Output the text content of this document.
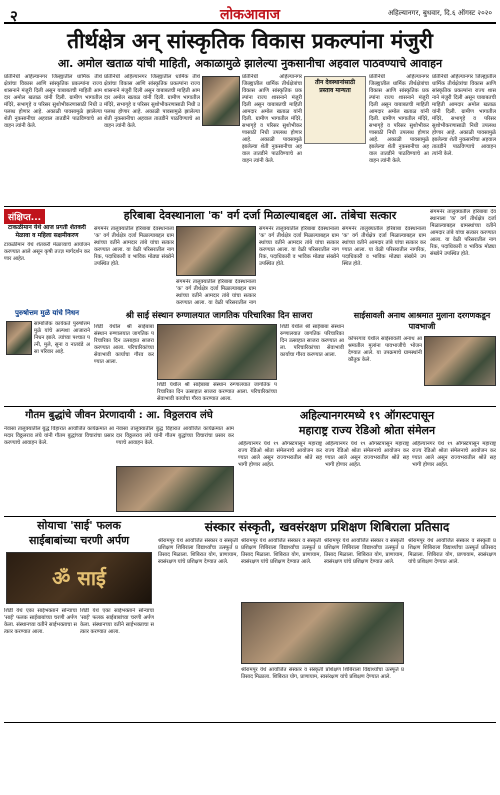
२	लोकआवाज	अहिल्यानगर, बुधवार, दि.६ ऑगस्ट २०२०
तीर्थक्षेत्र अन् सांस्कृतिक विकास प्रकल्पांना मंजुरी
आ. अमोल खताळ यांची माहिती, अकाळामुळे झालेल्या नुकसानीचा अहवाल पाठवण्याचे आवाहन
प्रतिनिधी अहिल्यानगर जिल्ह्यातील धार्मिक तीर्थक्षेत्रांचा विकास आणि सांस्कृतिक प्रकल्पांना राज्य शासनाने मंजुरी दिली असून याबाबतची माहिती आमदार अमोल खताळ यांनी दिली. ग्रामीण भागातील मंदिरे, सभागृहे व परिसर सुशोभीकरणासाठी निधी उपलब्ध होणार आहे. अकाळी पावसामुळे झालेल्या शेती नुकसानीचा अहवाल तातडीने पाठविण्याचे आवाहन त्यांनी केले.
प्रतिनिधी अहिल्यानगर जिल्ह्यातील धार्मिक तीर्थक्षेत्रांचा विकास आणि सांस्कृतिक प्रकल्पांना राज्य शासनाने मंजुरी दिली असून याबाबतची माहिती आमदार अमोल खताळ यांनी दिली. ग्रामीण भागातील मंदिरे, सभागृहे व परिसर सुशोभीकरणासाठी निधी उपलब्ध होणार आहे. अकाळी पावसामुळे झालेल्या शेती नुकसानीचा अहवाल तातडीने पाठविण्याचे आवाहन त्यांनी केले.
प्रतिनिधी अहिल्यानगर जिल्ह्यातील धार्मिक तीर्थक्षेत्रांचा विकास आणि सांस्कृतिक प्रकल्पांना राज्य शासनाने मंजुरी दिली असून याबाबतची माहिती आमदार अमोल खताळ यांनी दिली. ग्रामीण भागातील मंदिरे, सभागृहे व परिसर सुशोभीकरणासाठी निधी उपलब्ध होणार आहे. अकाळी पावसामुळे झालेल्या शेती नुकसानीचा अहवाल तातडीने पाठविण्याचे आवाहन त्यांनी केले.
तीन देवस्थानांसाठी प्रस्ताव मान्यता
प्रतिनिधी अहिल्यानगर जिल्ह्यातील धार्मिक तीर्थक्षेत्रांचा विकास आणि सांस्कृतिक प्रकल्पांना राज्य शासनाने मंजुरी दिली असून याबाबतची माहिती आमदार अमोल खताळ यांनी दिली. ग्रामीण भागातील मंदिरे, सभागृहे व परिसर सुशोभीकरणासाठी निधी उपलब्ध होणार आहे. अकाळी पावसामुळे झालेल्या शेती नुकसानीचा अहवाल तातडीने पाठविण्याचे आवाहन त्यांनी केले.
प्रतिनिधी अहिल्यानगर जिल्ह्यातील धार्मिक तीर्थक्षेत्रांचा विकास आणि सांस्कृतिक प्रकल्पांना राज्य शासनाने मंजुरी दिली असून याबाबतची माहिती आमदार अमोल खताळ यांनी दिली. ग्रामीण भागातील मंदिरे, सभागृहे व परिसर सुशोभीकरणासाठी निधी उपलब्ध होणार आहे. अकाळी पावसामुळे झालेल्या शेती नुकसानीचा अहवाल तातडीने पाठविण्याचे आवाहन त्यांनी केले.
संक्षिप्त...
टाकळीमान येथे आज प्रगती शेतकरी मेळावा व महिला सक्षमीकरण
टाकळीमान येथे शेतकरी मेळाव्याचे आयोजन करण्यात आले असून कृषी तज्ज्ञ मार्गदर्शन करणार आहेत.
पुरुषोत्तम मुळे यांचे निधन
सामाजिक कार्यकर्ते पुरुषोत्तम मुळे यांचे अल्पशा आजाराने निधन झाले. त्यांच्या पश्चात पत्नी, मुले, सुना व नातवंडे असा परिवार आहे.
हरिबाबा देवस्थानाला 'क' वर्ग दर्जा मिळाल्याबद्दल आ. तांबेचा सत्कार
संगमनेर तालुक्यातील हरिबाबा देवस्थानाला 'क' वर्ग तीर्थक्षेत्र दर्जा मिळाल्याबद्दल ग्रामस्थांच्या वतीने आमदार तांबे यांचा सत्कार करण्यात आला. या वेळी परिसरातील नागरिक, पदाधिकारी व भाविक मोठ्या संख्येने उपस्थित होते.
संगमनेर तालुक्यातील हरिबाबा देवस्थानाला 'क' वर्ग तीर्थक्षेत्र दर्जा मिळाल्याबद्दल ग्रामस्थांच्या वतीने आमदार तांबे यांचा सत्कार करण्यात आला. या वेळी परिसरातील नाग
संगमनेर तालुक्यातील हरिबाबा देवस्थानाला 'क' वर्ग तीर्थक्षेत्र दर्जा मिळाल्याबद्दल ग्रामस्थांच्या वतीने आमदार तांबे यांचा सत्कार करण्यात आला. या वेळी परिसरातील नागरिक, पदाधिकारी व भाविक मोठ्या संख्येने उपस्थित होते.
संगमनेर तालुक्यातील हरिबाबा देवस्थानाला 'क' वर्ग तीर्थक्षेत्र दर्जा मिळाल्याबद्दल ग्रामस्थांच्या वतीने आमदार तांबे यांचा सत्कार करण्यात आला. या वेळी परिसरातील नागरिक, पदाधिकारी व भाविक मोठ्या संख्येने उपस्थित होते.
संगमनेर तालुक्यातील हरिबाबा देवस्थानाला 'क' वर्ग तीर्थक्षेत्र दर्जा मिळाल्याबद्दल ग्रामस्थांच्या वतीने आमदार तांबे यांचा सत्कार करण्यात आला. या वेळी परिसरातील नागरिक, पदाधिकारी व भाविक मोठ्या संख्येने उपस्थित होते.
श्री साई संस्थान रुग्णालयात जागतिक परिचारिका दिन साजरा
शिर्डी येथील श्री साईबाबा संस्थान रुग्णालयात जागतिक परिचारिका दिन उत्साहात साजरा करण्यात आला. परिचारिकांच्या सेवाभावी कार्याचा गौरव करण्यात आला.
शिर्डी येथील श्री साईबाबा संस्थान रुग्णालयात जागतिक परिचारिका दिन उत्साहात साजरा करण्यात आला. परिचारिकांच्या सेवाभावी कार्याचा गौरव करण्यात आला.
शिर्डी येथील श्री साईबाबा संस्थान रुग्णालयात जागतिक परिचारिका दिन उत्साहात साजरा करण्यात आला. परिचारिकांच्या सेवाभावी कार्याचा गौरव करण्यात आला.
साईसावली अनाथ आश्रमात मुलाना दरगणकडून पावभाजी
कोपरगाव येथील साईसावली अनाथ आश्रमातील मुलांना पावभाजीचे भोजन देण्यात आले. या उपक्रमाचे ग्रामस्थांनी कौतुक केले.
गौतम बुद्धांचे जीवन प्रेरणादायी : आ. विठ्ठलराव लंघे
नेवासा तालुक्यातील बुद्ध विहारात आयोजित कार्यक्रमात आमदार विठ्ठलराव लंघे यांनी गौतम बुद्धांच्या विचारांचा प्रसार करण्याचे आवाहन केले.
नेवासा तालुक्यातील बुद्ध विहारात आयोजित कार्यक्रमात आमदार विठ्ठलराव लंघे यांनी गौतम बुद्धांच्या विचारांचा प्रसार करण्याचे आवाहन केले.
अहिल्यानगरमध्ये १९ ऑगस्टपासून
महाराष्ट्र राज्य रेडिओ श्रोता संमेलन
अहिल्यानगर येथे १९ ऑगस्टपासून महाराष्ट्र राज्य रेडिओ श्रोता संमेलनाचे आयोजन करण्यात आले असून राज्यभरातील श्रोते सहभागी होणार आहेत.
अहिल्यानगर येथे १९ ऑगस्टपासून महाराष्ट्र राज्य रेडिओ श्रोता संमेलनाचे आयोजन करण्यात आले असून राज्यभरातील श्रोते सहभागी होणार आहेत.
अहिल्यानगर येथे १९ ऑगस्टपासून महाराष्ट्र राज्य रेडिओ श्रोता संमेलनाचे आयोजन करण्यात आले असून राज्यभरातील श्रोते सहभागी होणार आहेत.
सोयाचा 'साई' फलक
साईबाबांच्या चरणी अर्पण
ॐ साई
शिर्डी येथे एका साईभक्ताने सोन्याचा 'साई' फलक साईबाबांच्या चरणी अर्पण केला. संस्थानच्या वतीने साईभक्ताचा सत्कार करण्यात आला.
शिर्डी येथे एका साईभक्ताने सोन्याचा 'साई' फलक साईबाबांच्या चरणी अर्पण केला. संस्थानच्या वतीने साईभक्ताचा सत्कार करण्यात आला.
संस्कार संस्कृती, खवसंरक्षण प्रशिक्षण शिबिराला प्रतिसाद
श्रीरामपूर येथे आयोजित संस्कार व संस्कृती प्रशिक्षण शिबिराला विद्यार्थ्यांचा उत्स्फूर्त प्रतिसाद मिळाला. शिबिरात योग, प्राणायाम, स्वसंरक्षण यांचे प्रशिक्षण देण्यात आले.
श्रीरामपूर येथे आयोजित संस्कार व संस्कृती प्रशिक्षण शिबिराला विद्यार्थ्यांचा उत्स्फूर्त प्रतिसाद मिळाला. शिबिरात योग, प्राणायाम, स्वसंरक्षण यांचे प्रशिक्षण देण्यात आले.
श्रीरामपूर येथे आयोजित संस्कार व संस्कृती प्रशिक्षण शिबिराला विद्यार्थ्यांचा उत्स्फूर्त प्रतिसाद मिळाला. शिबिरात योग, प्राणायाम, स्वसंरक्षण यांचे प्रशिक्षण देण्यात आले.
श्रीरामपूर येथे आयोजित संस्कार व संस्कृती प्रशिक्षण शिबिराला विद्यार्थ्यांचा उत्स्फूर्त प्रतिसाद मिळाला. शिबिरात योग, प्राणायाम, स्वसंरक्षण यांचे प्रशिक्षण देण्यात आले.
श्रीरामपूर येथे आयोजित संस्कार व संस्कृती प्रशिक्षण शिबिराला विद्यार्थ्यांचा उत्स्फूर्त प्रतिसाद मिळाला. शिबिरात योग, प्राणायाम, स्वसंरक्षण यांचे प्रशिक्षण देण्यात आले.
